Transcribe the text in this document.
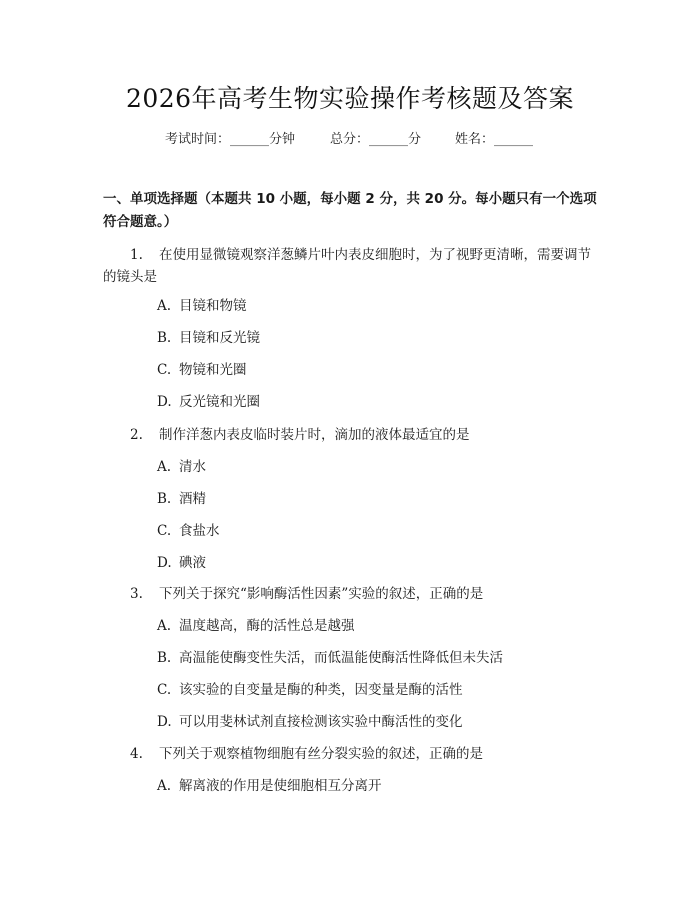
2026年高考生物实验操作考核题及答案
考试时间：______分钟	总分：______分	姓名：______
一、单项选择题（本题共 10 小题，每小题 2 分，共 20 分。每小题只有一个选项符合题意。）
1. 在使用显微镜观察洋葱鳞片叶内表皮细胞时，为了视野更清晰，需要调节
的镜头是
A. 目镜和物镜
B. 目镜和反光镜
C. 物镜和光圈
D. 反光镜和光圈
2. 制作洋葱内表皮临时装片时，滴加的液体最适宜的是
A. 清水
B. 酒精
C. 食盐水
D. 碘液
3. 下列关于探究“影响酶活性因素”实验的叙述，正确的是
A. 温度越高，酶的活性总是越强
B. 高温能使酶变性失活，而低温能使酶活性降低但未失活
C. 该实验的自变量是酶的种类，因变量是酶的活性
D. 可以用斐林试剂直接检测该实验中酶活性的变化
4. 下列关于观察植物细胞有丝分裂实验的叙述，正确的是
A. 解离液的作用是使细胞相互分离开
